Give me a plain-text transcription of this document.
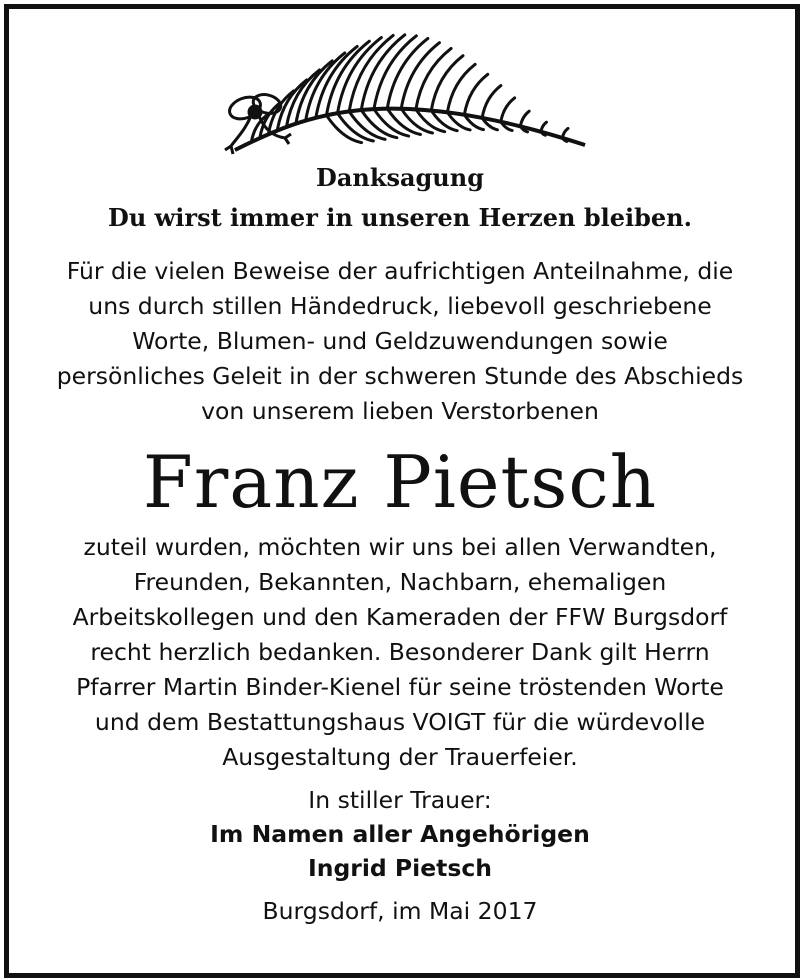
Danksagung
Du wirst immer in unseren Herzen bleiben.
Für die vielen Beweise der aufrichtigen Anteilnahme, die
uns durch stillen Händedruck, liebevoll geschriebene
Worte, Blumen- und Geldzuwendungen sowie
persönliches Geleit in der schweren Stunde des Abschieds
von unserem lieben Verstorbenen
Franz Pietsch
zuteil wurden, möchten wir uns bei allen Verwandten,
Freunden, Bekannten, Nachbarn, ehemaligen
Arbeitskollegen und den Kameraden der FFW Burgsdorf
recht herzlich bedanken. Besonderer Dank gilt Herrn
Pfarrer Martin Binder-Kienel für seine tröstenden Worte
und dem Bestattungshaus VOIGT für die würdevolle
Ausgestaltung der Trauerfeier.
In stiller Trauer:
Im Namen aller Angehörigen
Ingrid Pietsch
Burgsdorf, im Mai 2017
